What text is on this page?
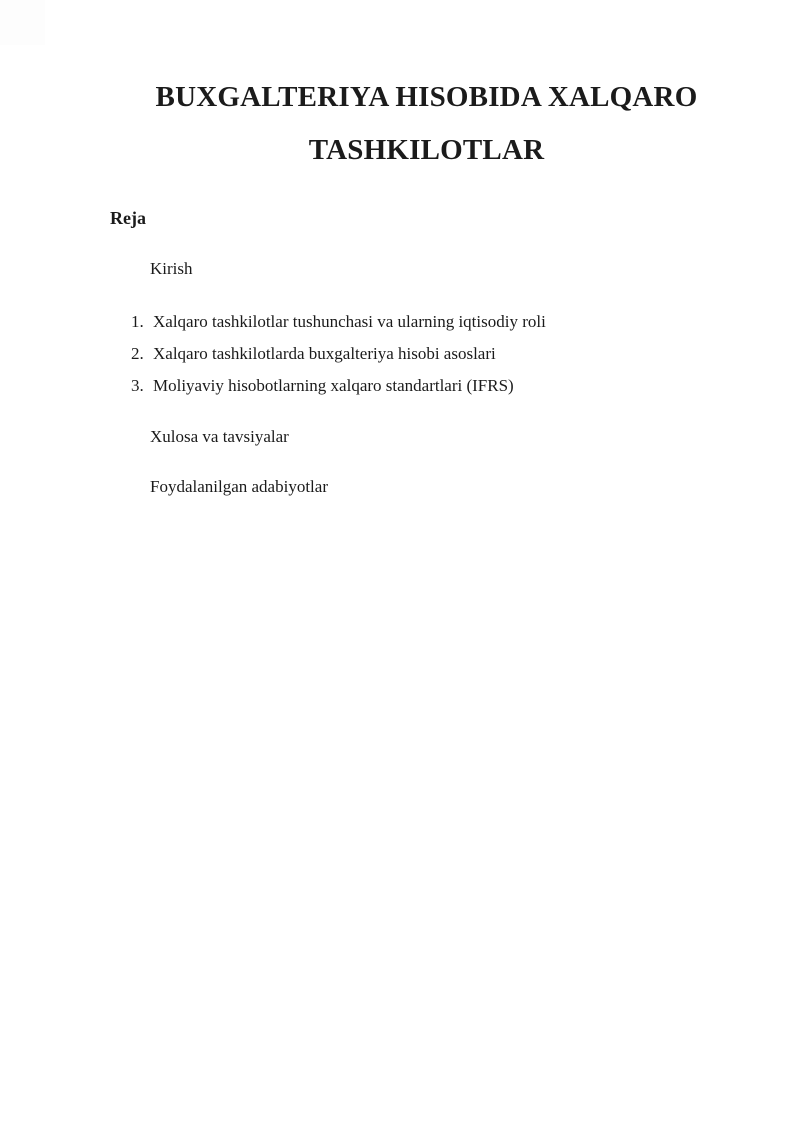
BUXGALTERIYA HISOBIDA XALQARO
TASHKILOTLAR
Reja
Kirish
1. Xalqaro tashkilotlar tushunchasi va ularning iqtisodiy roli
2. Xalqaro tashkilotlarda buxgalteriya hisobi asoslari
3. Moliyaviy hisobotlarning xalqaro standartlari (IFRS)
Xulosa va tavsiyalar
Foydalanilgan adabiyotlar
